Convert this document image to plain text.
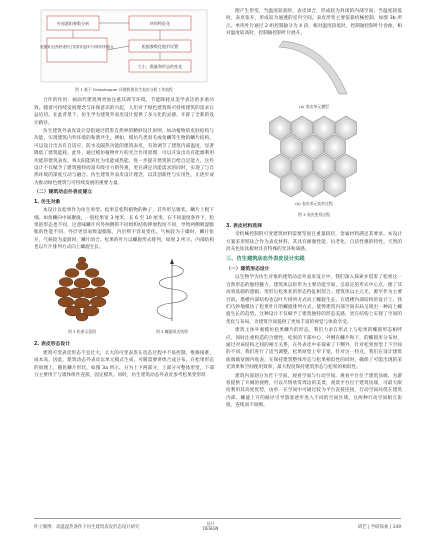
外部遮阳参数分析	材料特征化
根据采光/热舒适的日常需求选择不同的材料组合	根据参数化地形设置
大小、数量和形态的变化
图 1 基于 Grasshopper 环境构建仿生表皮分析工作流程

合作的作用：画面代建筑则更加注重其调节环境、节能降耗及美学表达的多重功效。随着可持续发展理念与环保意识的兴起，人们对于绿色建筑和可持续建筑的需求日益迫切。在此背景下，仿生学为建筑外表皮设计提供了多元化的灵感，开辟了全新的设计路径。

仿生建筑外表皮设计是指通过借鉴自然界的精妙设计原则，如动植物的皮肤结构与功能，实现建筑内外环境的和谐共生。例如，模仿鸟类羽毛或鱼鳞等生物的鳞片结构，可以设计出具有自适应、防水及隔热功能的建筑表皮，有效调节了建筑内部温度，显著降低了建筑能耗。此外，通过模仿植物叶片的光合作用原理，可以开发出具有能源利用功能的建筑表皮，将太阳能转化为电能或热能，进一步提升建筑的自给自足能力。这些设计不仅赋予了建筑独特而富有吸引力的外观，更在满足功能需求的同时，实现了与自然环境的深度互动与融合。仿生建筑外表皮设计理念，以其创新性与实用性，正逐步成为推动绿色建筑与可持续发展的重要力量。

（二）建筑动态外表皮建立
1. 仿生对象

本设计以松果作为仿生原型。松果是松科植物的种子，其外形呈锥状，鳞片上粗下细。如鱼鳞向中间聚拢。一般松果宽 3 厘米，长 6 至 10 厘米。在不同湿度条件下，松果的形态也不同，这意味鳞片内外两侧的不同组织结构伸展程度不同，导致两侧吸湿膨胀的性能不同，外层更容易吸湿膨胀，内层则不容易变化。气候较为干燥时，鳞片张开，气候较为湿润时，鳞片闭合。松果的叶片以螺旋形式排列，如图 2 所示，内部结构也以片片排列方式向上螺旋生长。

图 2 松果示意图	图 3 螺旋形式结构
2. 表皮形态设计

建筑可变表皮形态不宜过大，太大的可变表皮在动态过程中不易控制，维修困难，成本高，因此，建筑动态外表皮以单元模式生成，可随需要讲组合成分布。在松果形态的原理上，随化鳞片形状，如图 3a 所示，分为上下两部分，上部分可整体形变，下部分主要用于与墙体组件连接，固定模块。同时，仿生建筑动态外表皮参考松果变形原

理产生形变，当温度较高时，表皮闭合，形成较为封闭的内部空间；当温度较低时，表皮张开，形成较为通透的室内空间。表皮形变主要依靠机械控制，如图 3b 所示，单块叶片通过 2 组控制轴分为 4 段，相对温度较低时，控制轴控制叶片卷曲，相对温度较高时，控制轴控制叶片展开。

(a) 表皮单元模型
(b) 表皮单元变形过程
图 3 表皮变形过程
3. 表皮材料选择

受机械控制的可变建筑材料需要坚固且重量较轻，金属材料满足其要求。本设计方案采用铁钛合作为表皮材料，其具有耐强性能、抗老化、自洁性强的特性。天然的淡灰色钛钛板材具有特殊的光泽和质感。

三、仿生建筑动态外表皮设计实践
（一）建筑形态设计

以生物学为仿生对象的建筑动态外表皮设计中，我们深入探索并借鉴了松果这一自然形态的独特魅力。建筑体以矩形为主要功能空间，呈稳定的形式中心点，理了其高效基础的逻辑，变形后松果状的形态特征相契合。建筑体以主元光，源至作为主要目的。塔楼内部结构也以叶片排列方式向上螺旋生长，在塔楼内部结构的设计上，我们巧妙地模仿了松果叶片的螺旋排列方式，使得建筑内部空间布局呈现出一种向上螺旋生长的趋势。这种设计不仅赋予了建筑独特的形态美感，更在结构上实现了空间的优化与布局，为建筑空间提供了更加丰富的视觉与体验享受。

建筑主体外观模仿松果鳞片的形态，我们力求在形式上与松果的椭圆形态相呼应，同时注重构造的合理性。松果的下部中心，外侧在鳞片和下，的椭圆形分布时，通过对该结构之间的相互关系，在外表皮中来探索了下侧外，针对松果原型上下空间的不同，我们进行了适当调整，松果原型上窄下宽，针对这一特点，我们在设计建筑底端做宽阔内收表，在保持建筑整体形态与松果相似性的同时，确保了可能出现的采光效果和空间使用效率，最大程度保持建筑形态与松果的相似性。

建筑内部划分为若干空间，观看空间与行动空间。观看平台位于建筑顶端，为游客提供了开阔的视野，可以尽情欣赏周边的美景，观景平台位于建筑顶端，可最大限度利用其高度优势，由单一在空间中可通过较为平台直接连接，行动空间环绕在建筑内部，螺旋上升的路径引导游客逐步进入不同的空间区域，这两种行动空间相互衔接，连续而不间断。

叶子微博：高温湿热条件下仿生建筑表皮形态设计研究
设计
DESIGN	研艺 | 学研探索 | 149
